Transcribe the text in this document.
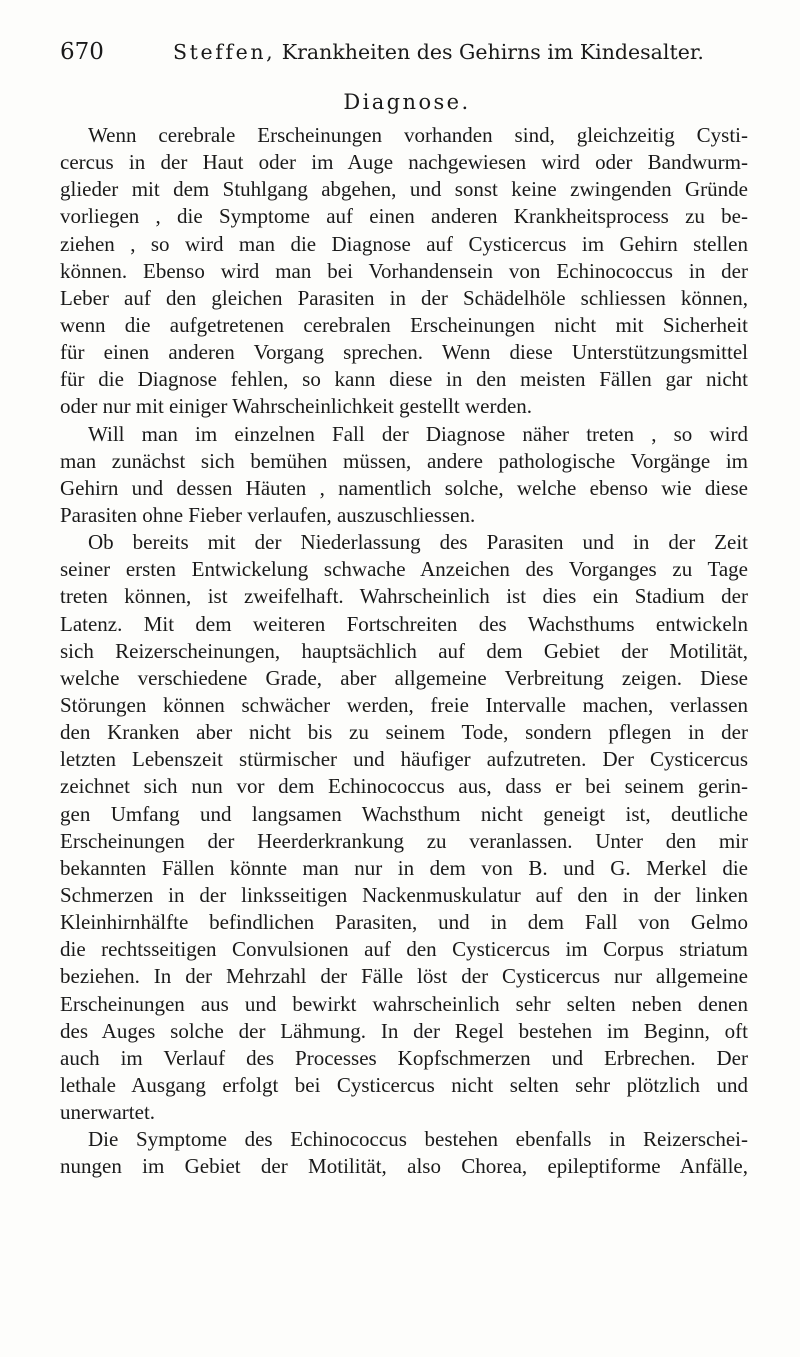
670	Steffen, Krankheiten des Gehirns im Kindesalter.
Diagnose.
Wenn cerebrale Erscheinungen vorhanden sind, gleichzeitig Cysti-
cercus in der Haut oder im Auge nachgewiesen wird oder Bandwurm-
glieder mit dem Stuhlgang abgehen, und sonst keine zwingenden Gründe
vorliegen , die Symptome auf einen anderen Krankheitsprocess zu be-
ziehen , so wird man die Diagnose auf Cysticercus im Gehirn stellen
können. Ebenso wird man bei Vorhandensein von Echinococcus in der
Leber auf den gleichen Parasiten in der Schädelhöle schliessen können,
wenn die aufgetretenen cerebralen Erscheinungen nicht mit Sicherheit
für einen anderen Vorgang sprechen. Wenn diese Unterstützungsmittel
für die Diagnose fehlen, so kann diese in den meisten Fällen gar nicht
oder nur mit einiger Wahrscheinlichkeit gestellt werden.
Will man im einzelnen Fall der Diagnose näher treten , so wird
man zunächst sich bemühen müssen, andere pathologische Vorgänge im
Gehirn und dessen Häuten , namentlich solche, welche ebenso wie diese
Parasiten ohne Fieber verlaufen, auszuschliessen.
Ob bereits mit der Niederlassung des Parasiten und in der Zeit
seiner ersten Entwickelung schwache Anzeichen des Vorganges zu Tage
treten können, ist zweifelhaft. Wahrscheinlich ist dies ein Stadium der
Latenz. Mit dem weiteren Fortschreiten des Wachsthums entwickeln
sich Reizerscheinungen, hauptsächlich auf dem Gebiet der Motilität,
welche verschiedene Grade, aber allgemeine Verbreitung zeigen. Diese
Störungen können schwächer werden, freie Intervalle machen, verlassen
den Kranken aber nicht bis zu seinem Tode, sondern pflegen in der
letzten Lebenszeit stürmischer und häufiger aufzutreten. Der Cysticercus
zeichnet sich nun vor dem Echinococcus aus, dass er bei seinem gerin-
gen Umfang und langsamen Wachsthum nicht geneigt ist, deutliche
Erscheinungen der Heerderkrankung zu veranlassen. Unter den mir
bekannten Fällen könnte man nur in dem von B. und G. Merkel die
Schmerzen in der linksseitigen Nackenmuskulatur auf den in der linken
Kleinhirnhälfte befindlichen Parasiten, und in dem Fall von Gelmo
die rechtsseitigen Convulsionen auf den Cysticercus im Corpus striatum
beziehen. In der Mehrzahl der Fälle löst der Cysticercus nur allgemeine
Erscheinungen aus und bewirkt wahrscheinlich sehr selten neben denen
des Auges solche der Lähmung. In der Regel bestehen im Beginn, oft
auch im Verlauf des Processes Kopfschmerzen und Erbrechen. Der
lethale Ausgang erfolgt bei Cysticercus nicht selten sehr plötzlich und
unerwartet.
Die Symptome des Echinococcus bestehen ebenfalls in Reizerschei-
nungen im Gebiet der Motilität, also Chorea, epileptiforme Anfälle,
